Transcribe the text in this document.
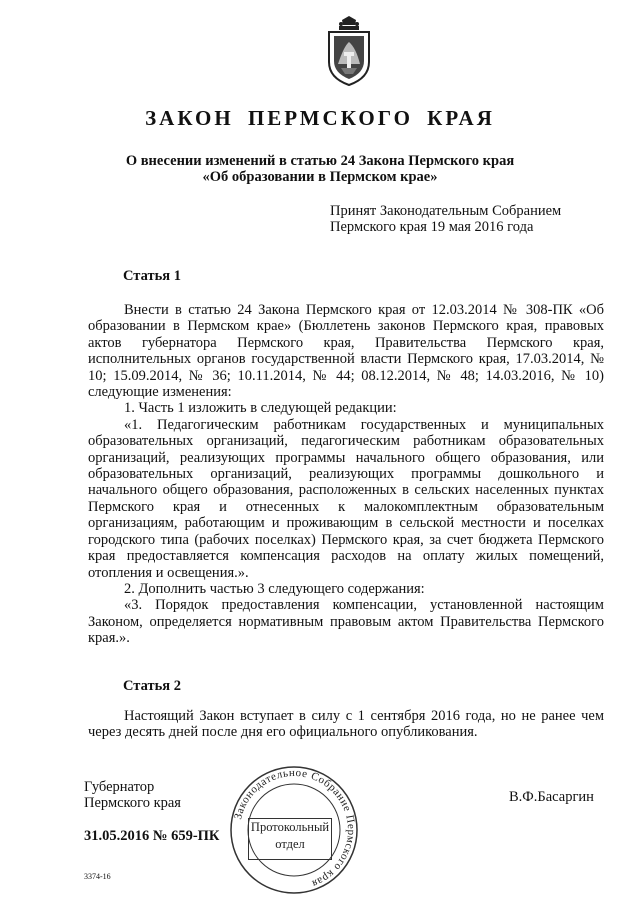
ЗАКОН ПЕРМСКОГО КРАЯ
О внесении изменений в статью 24 Закона Пермского края
«Об образовании в Пермском крае»
Принят Законодательным Собранием
Пермского края 19 мая 2016 года
Статья 1

Внести в статью 24 Закона Пермского края от 12.03.2014 № 308-ПК «Об образовании в Пермском крае» (Бюллетень законов Пермского края, правовых актов губернатора Пермского края, Правительства Пермского края, исполнительных органов государственной власти Пермского края, 17.03.2014, № 10; 15.09.2014, № 36; 10.11.2014, № 44; 08.12.2014, № 48; 14.03.2016, № 10) следующие изменения:

1. Часть 1 изложить в следующей редакции:

«1. Педагогическим работникам государственных и муниципальных образовательных организаций, педагогическим работникам образовательных организаций, реализующих программы начального общего образования, или образовательных организаций, реализующих программы дошкольного и начального общего образования, расположенных в сельских населенных пунктах Пермского края и отнесенных к малокомплектным образовательным организациям, работающим и проживающим в сельской местности и поселках городского типа (рабочих поселках) Пермского края, за счет бюджета Пермского края предоставляется компенсация расходов на оплату жилых помещений, отопления и освещения.».

2. Дополнить частью 3 следующего содержания:

«3. Порядок предоставления компенсации, установленной настоящим Законом, определяется нормативным правовым актом Правительства Пермского края.».

Статья 2

Настоящий Закон вступает в силу с 1 сентября 2016 года, но не ранее чем через десять дней после дня его официального опубликования.

Губернатор
Пермского края	В.Ф.Басаргин
31.05.2016 № 659-ПК
3374-16
Законодательное Собрание Пермского края
Протокольный
отдел
